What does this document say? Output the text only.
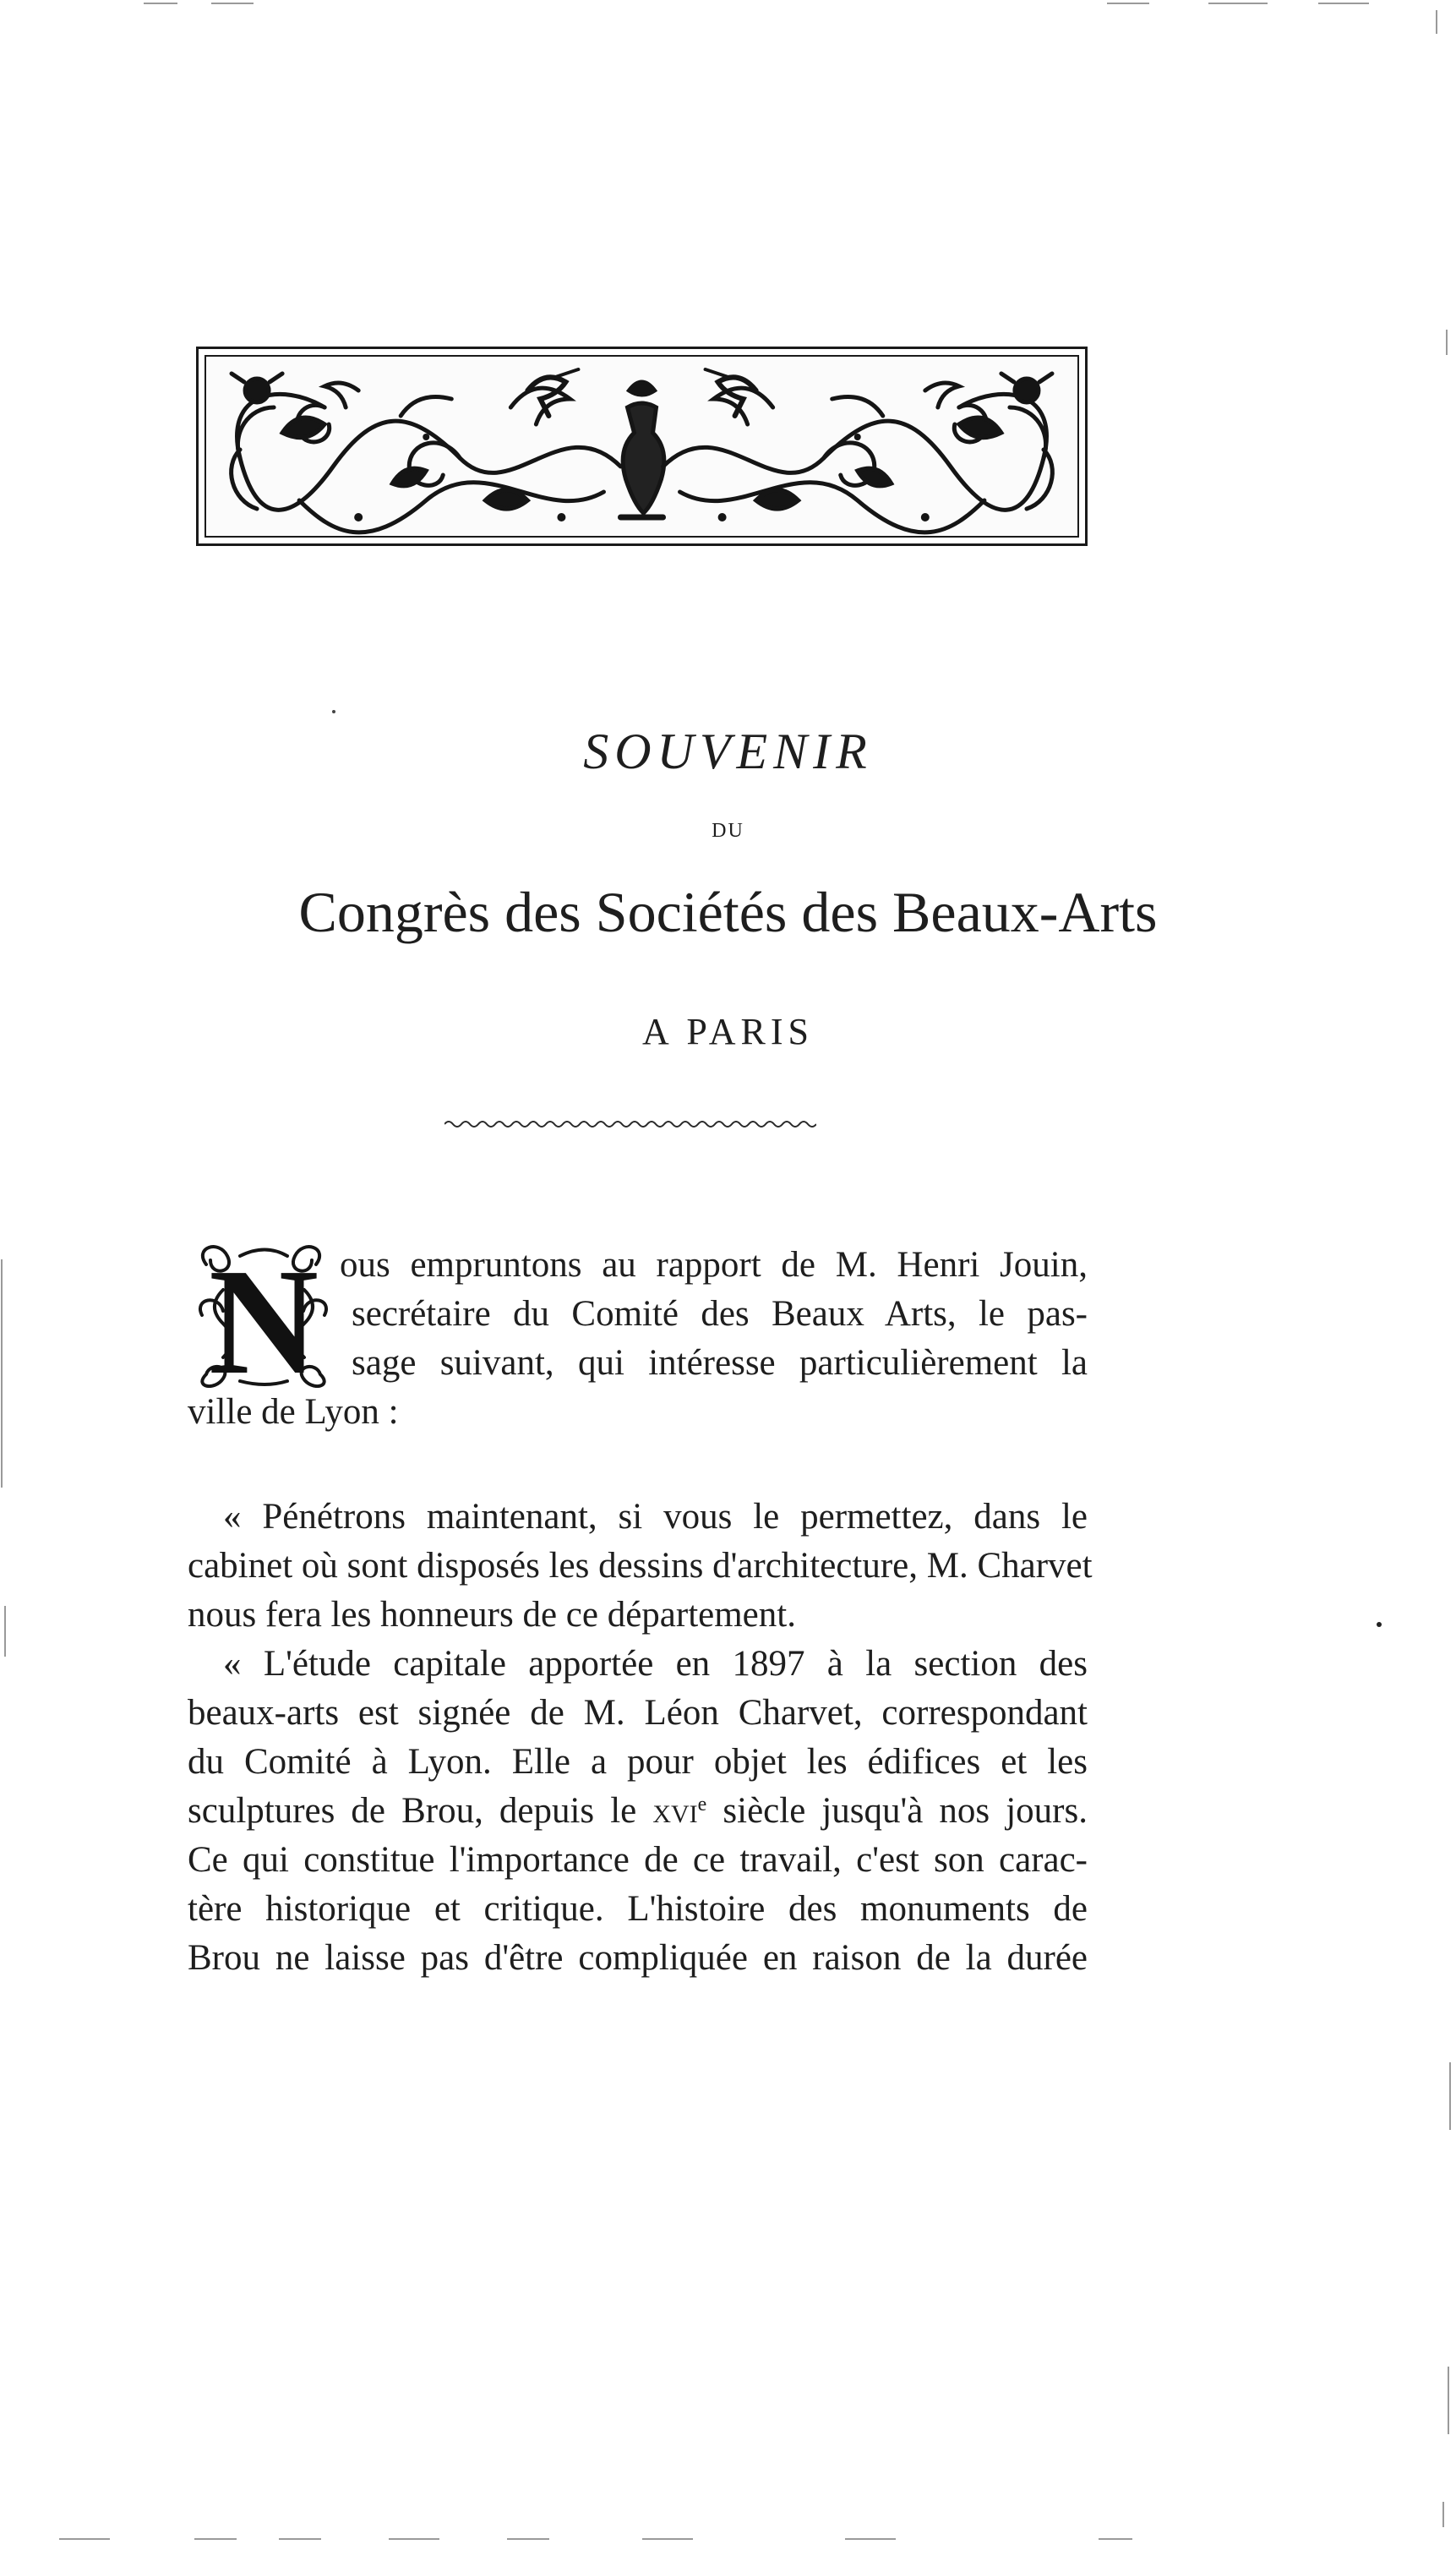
SOUVENIR
DU
Congrès des Sociétés des Beaux-Arts
A PARIS
N ous empruntons au rapport de M. Henri Jouin,
secrétaire du Comité des Beaux Arts, le pas-
sage suivant, qui intéresse particulièrement la
ville de Lyon :
« Pénétrons maintenant, si vous le permettez, dans le
cabinet où sont disposés les dessins d'architecture, M. Charvet
nous fera les honneurs de ce département.
« L'étude capitale apportée en 1897 à la section des
beaux-arts est signée de M. Léon Charvet, correspondant
du Comité à Lyon. Elle a pour objet les édifices et les
sculptures de Brou, depuis le xvi$^e$ siècle jusqu'à nos jours.
Ce qui constitue l'importance de ce travail, c'est son carac-
tère historique et critique. L'histoire des monuments de
Brou ne laisse pas d'être compliquée en raison de la durée
